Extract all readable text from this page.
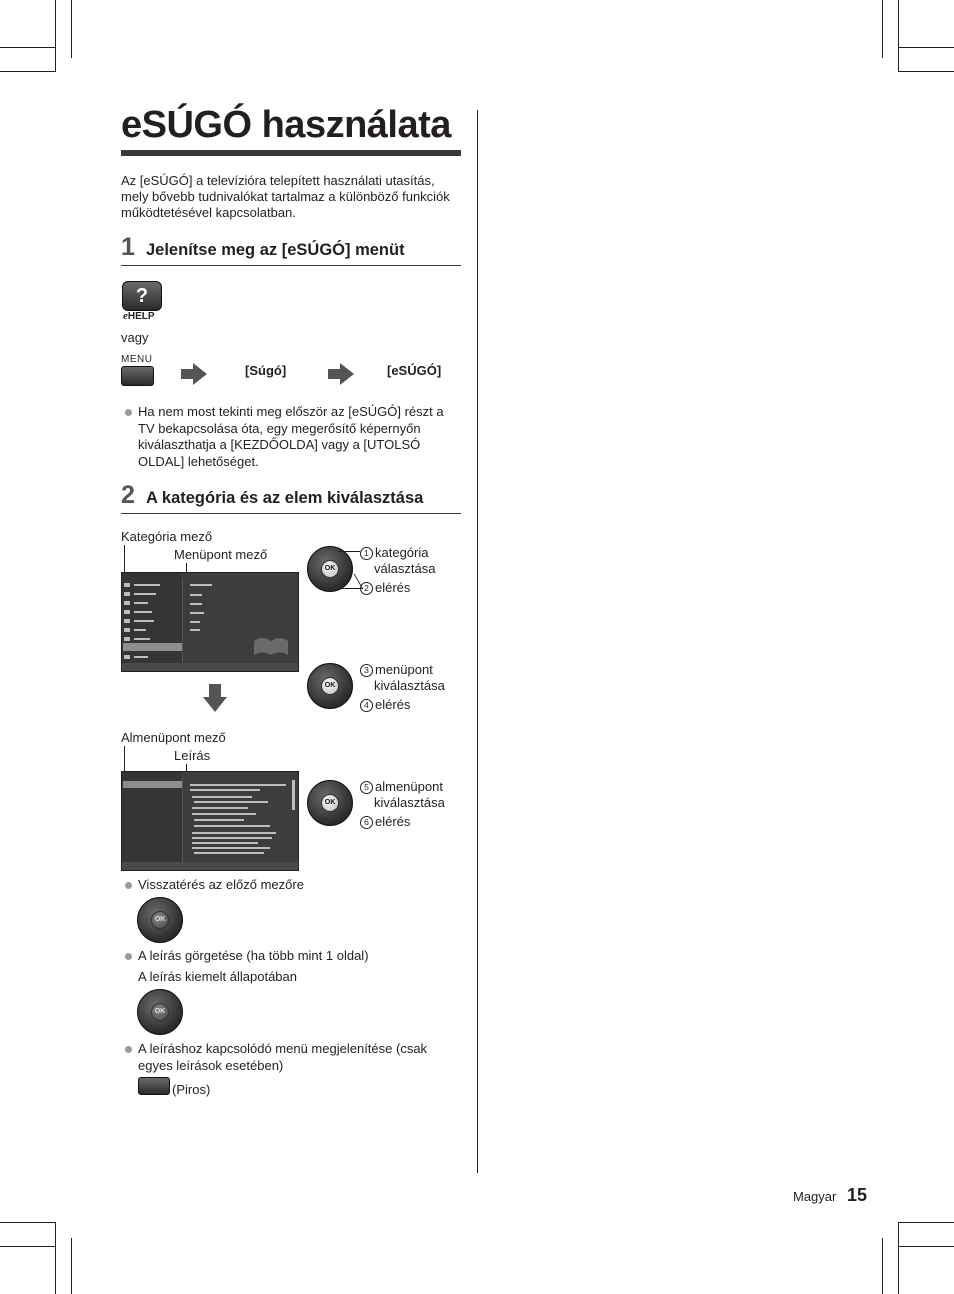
eSÚGÓ használata
Az [eSÚGÓ] a televízióra telepített használati utasítás, mely bővebb tudnivalókat tartalmaz a különböző funkciók működtetésével kapcsolatban.
1 Jelenítse meg az [eSÚGÓ] menüt
?
eHELP
vagy
MENU
[Súgó]	[eSÚGÓ]
Ha nem most tekinti meg először az [eSÚGÓ] részt a TV bekapcsolása óta, egy megerősítő képernyőn kiválaszthatja a [KEZDŐOLDA] vagy a [UTOLSÓ OLDAL] lehetőséget.
2 A kategória és az elem kiválasztása
Kategória mező
Menüpont mező
OK
1 kategória
választása
2 elérés
OK
3 menüpont
kiválasztása
4 elérés
Almenüpont mező
Leírás
OK
5 almenüpont
kiválasztása
6 elérés
Visszatérés az előző mezőre
OK
A leírás görgetése (ha több mint 1 oldal)
A leírás kiemelt állapotában
OK
A leíráshoz kapcsolódó menü megjelenítése (csak egyes leírások esetében)
(Piros)
Magyar 15
